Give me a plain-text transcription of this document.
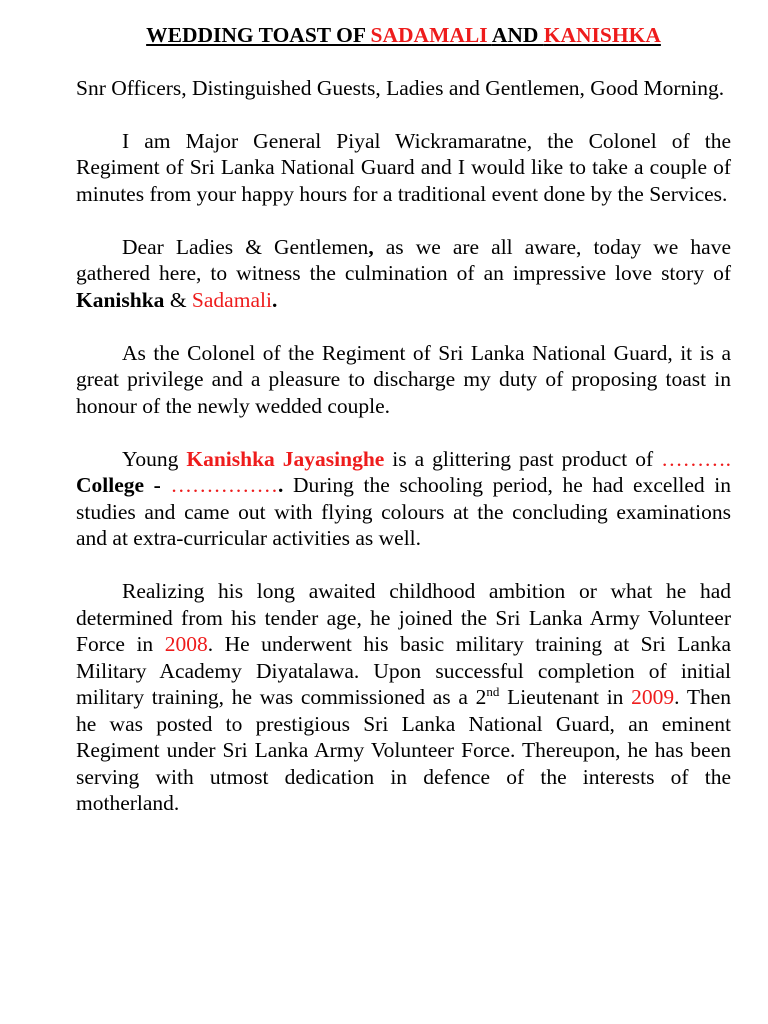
WEDDING TOAST OF SADAMALI AND KANISHKA

Snr Officers, Distinguished Guests, Ladies and Gentlemen, Good Morning.

I am Major General Piyal Wickramaratne, the Colonel of the Regiment of Sri Lanka National Guard and I would like to take a couple of minutes from your happy hours for a traditional event done by the Services.

Dear Ladies & Gentlemen, as we are all aware, today we have gathered here, to witness the culmination of an impressive love story of Kanishka & Sadamali.

As the Colonel of the Regiment of Sri Lanka National Guard, it is a great privilege and a pleasure to discharge my duty of proposing toast in honour of the newly wedded couple.

Young Kanishka Jayasinghe is a glittering past product of ………. College - ……………. During the schooling period, he had excelled in studies and came out with flying colours at the concluding examinations and at extra-curricular activities as well.

Realizing his long awaited childhood ambition or what he had determined from his tender age, he joined the Sri Lanka Army Volunteer Force in 2008. He underwent his basic military training at Sri Lanka Military Academy Diyatalawa. Upon successful completion of initial military training, he was commissioned as a 2nd Lieutenant in 2009. Then he was posted to prestigious Sri Lanka National Guard, an eminent Regiment under Sri Lanka Army Volunteer Force. Thereupon, he has been serving with utmost dedication in defence of the interests of the motherland.
